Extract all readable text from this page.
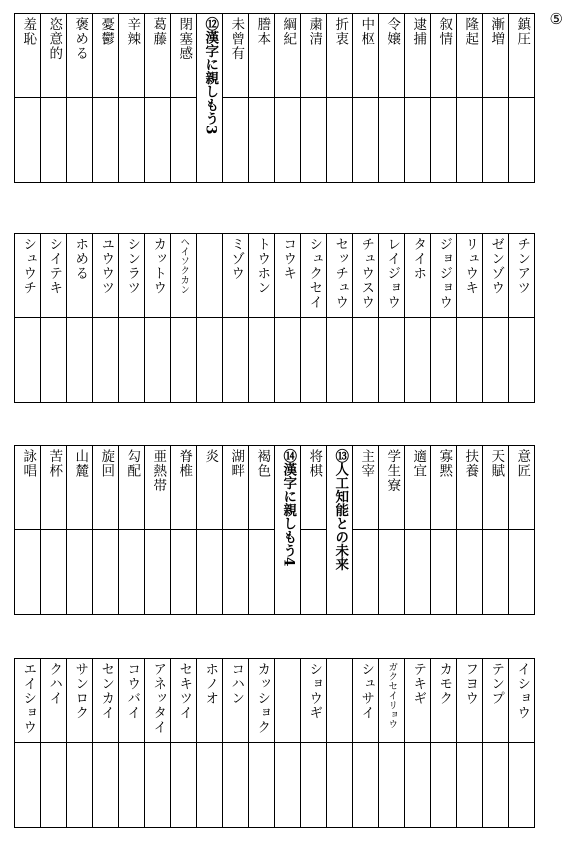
⑤
羞恥	恣意的	褒める	憂鬱	辛辣	葛藤	閉塞感	⑫漢字に親しもう3	未曾有	謄本	綱紀	粛清	折衷	中枢	令嬢	逮捕	叙情	隆起	漸増	鎮圧

シュウチ	シイテキ	ホめる	ユウウツ	シンラツ	カットウ	ヘイソクカン		ミゾウ	トウホン	コウキ	シュクセイ	セッチュウ	チュウスウ	レイジョウ	タイホ	ジョジョウ	リュウキ	ゼンゾウ	チンアツ

詠唱	苦杯	山麓	旋回	勾配	亜熱帯	脊椎	炎	湖畔	褐色	⑭漢字に親しもう4	将棋	⑬人工知能との未来	主宰	学生寮	適宜	寡黙	扶養	天賦	意匠

エイショウ	クハイ	サンロク	センカイ	コウバイ	アネッタイ	セキツイ	ホノオ	コハン	カッショク		ショウギ		シュサイ	ガクセイリョウ	テキギ	カモク	フヨウ	テンプ	イショウ
